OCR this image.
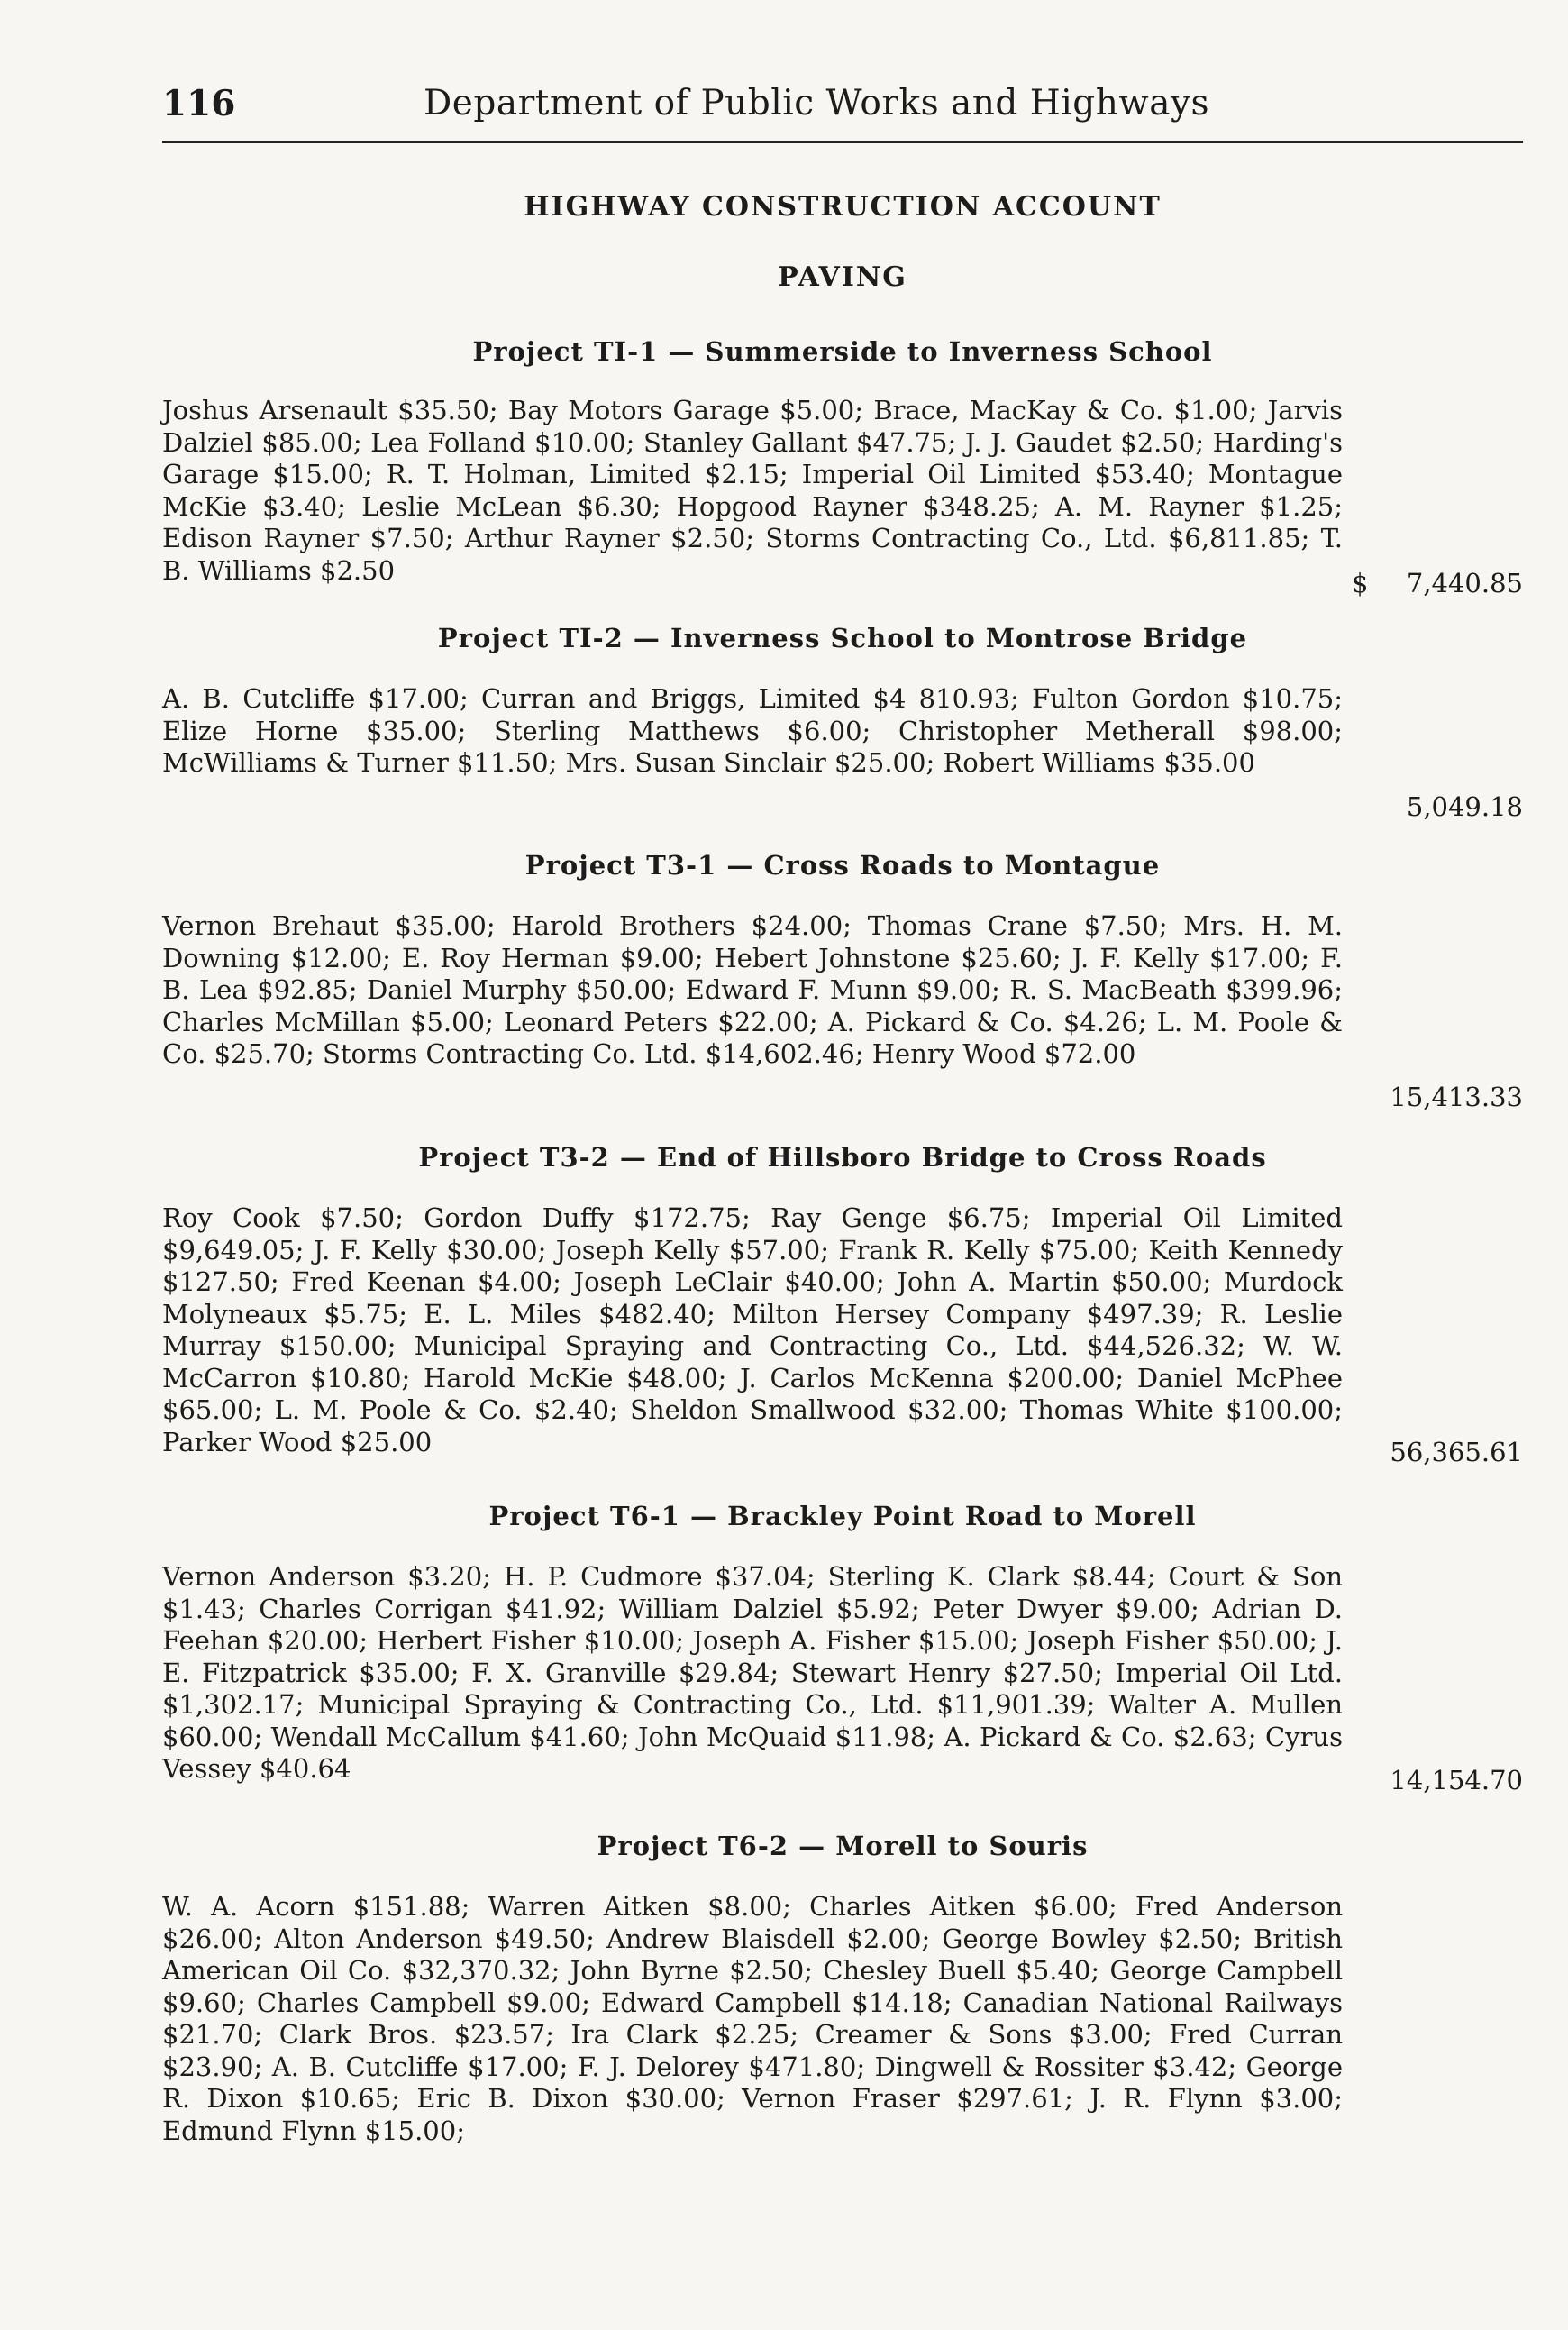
116	Department of Public Works and Highways
HIGHWAY CONSTRUCTION ACCOUNT
PAVING
Project TI-1 — Summerside to Inverness School
Joshus Arsenault $35.50; Bay Motors Garage $5.00; Brace, MacKay & Co. $1.00; Jarvis Dalziel $85.00; Lea Folland $10.00; Stanley Gallant $47.75; J. J. Gaudet $2.50; Harding's Garage $15.00; R. T. Holman, Limited $2.15; Imperial Oil Limited $53.40; Montague McKie $3.40; Leslie McLean $6.30; Hopgood Rayner $348.25; A. M. Rayner $1.25; Edison Rayner $7.50; Arthur Rayner $2.50; Storms Contracting Co., Ltd. $6,811.85; T. B. Williams $2.50	$ 7,440.85
Project TI-2 — Inverness School to Montrose Bridge
A. B. Cutcliffe $17.00; Curran and Briggs, Limited $4 810.93; Fulton Gordon $10.75; Elize Horne $35.00; Sterling Matthews $6.00; Christopher Metherall $98.00; McWilliams & Turner $11.50; Mrs. Susan Sinclair $25.00; Robert Williams $35.00
5,049.18
Project T3-1 — Cross Roads to Montague
Vernon Brehaut $35.00; Harold Brothers $24.00; Thomas Crane $7.50; Mrs. H. M. Downing $12.00; E. Roy Herman $9.00; Hebert Johnstone $25.60; J. F. Kelly $17.00; F. B. Lea $92.85; Daniel Murphy $50.00; Edward F. Munn $9.00; R. S. MacBeath $399.96; Charles McMillan $5.00; Leonard Peters $22.00; A. Pickard & Co. $4.26; L. M. Poole & Co. $25.70; Storms Contracting Co. Ltd. $14,602.46; Henry Wood $72.00
15,413.33
Project T3-2 — End of Hillsboro Bridge to Cross Roads
Roy Cook $7.50; Gordon Duffy $172.75; Ray Genge $6.75; Imperial Oil Limited $9,649.05; J. F. Kelly $30.00; Joseph Kelly $57.00; Frank R. Kelly $75.00; Keith Kennedy $127.50; Fred Keenan $4.00; Joseph LeClair $40.00; John A. Martin $50.00; Murdock Molyneaux $5.75; E. L. Miles $482.40; Milton Hersey Company $497.39; R. Leslie Murray $150.00; Municipal Spraying and Contracting Co., Ltd. $44,526.32; W. W. McCarron $10.80; Harold McKie $48.00; J. Carlos McKenna $200.00; Daniel McPhee $65.00; L. M. Poole & Co. $2.40; Sheldon Smallwood $32.00; Thomas White $100.00; Parker Wood $25.00	56,365.61
Project T6-1 — Brackley Point Road to Morell
Vernon Anderson $3.20; H. P. Cudmore $37.04; Sterling K. Clark $8.44; Court & Son $1.43; Charles Corrigan $41.92; William Dalziel $5.92; Peter Dwyer $9.00; Adrian D. Feehan $20.00; Herbert Fisher $10.00; Joseph A. Fisher $15.00; Joseph Fisher $50.00; J. E. Fitzpatrick $35.00; F. X. Granville $29.84; Stewart Henry $27.50; Imperial Oil Ltd. $1,302.17; Municipal Spraying & Contracting Co., Ltd. $11,901.39; Walter A. Mullen $60.00; Wendall McCallum $41.60; John McQuaid $11.98; A. Pickard & Co. $2.63; Cyrus Vessey $40.64	14,154.70
Project T6-2 — Morell to Souris
W. A. Acorn $151.88; Warren Aitken $8.00; Charles Aitken $6.00; Fred Anderson $26.00; Alton Anderson $49.50; Andrew Blaisdell $2.00; George Bowley $2.50; British American Oil Co. $32,370.32; John Byrne $2.50; Chesley Buell $5.40; George Campbell $9.60; Charles Campbell $9.00; Edward Campbell $14.18; Canadian National Railways $21.70; Clark Bros. $23.57; Ira Clark $2.25; Creamer & Sons $3.00; Fred Curran $23.90; A. B. Cutcliffe $17.00; F. J. Delorey $471.80; Dingwell & Rossiter $3.42; George R. Dixon $10.65; Eric B. Dixon $30.00; Vernon Fraser $297.61; J. R. Flynn $3.00; Edmund Flynn $15.00;
